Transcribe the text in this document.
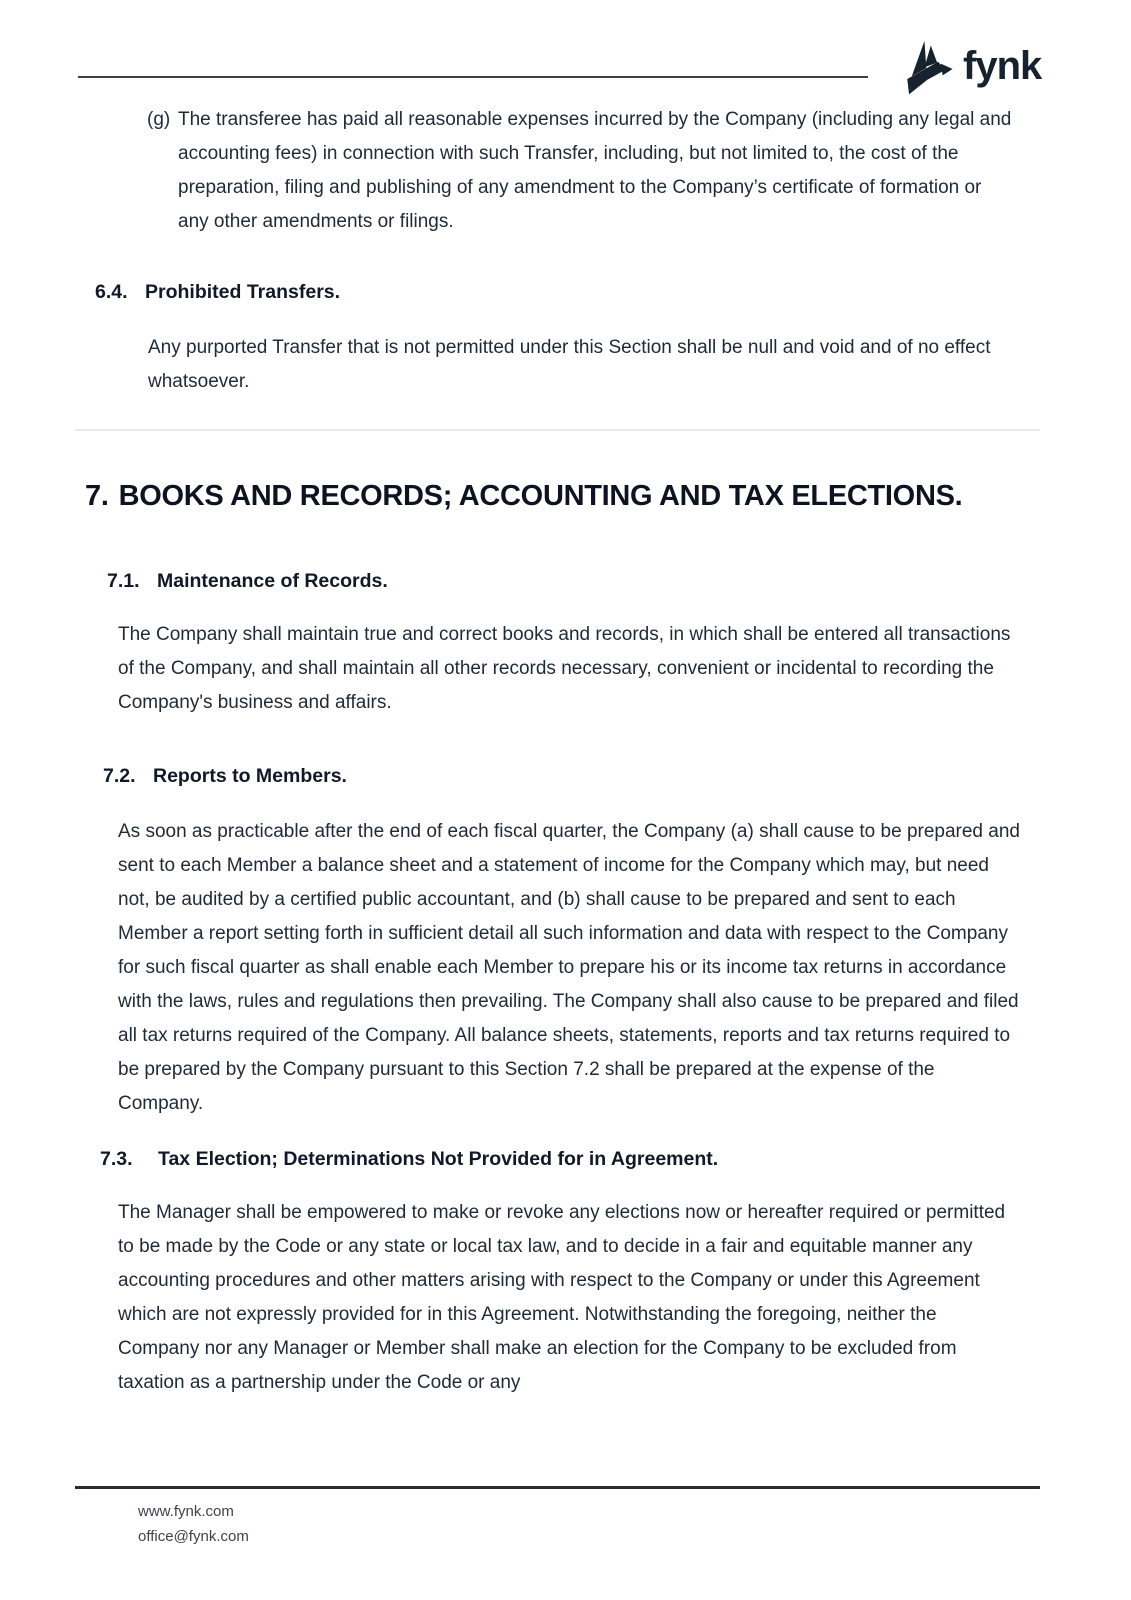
fynk
(g) The transferee has paid all reasonable expenses incurred by the Company (including any legal and accounting fees) in connection with such Transfer, including, but not limited to, the cost of the preparation, filing and publishing of any amendment to the Company’s certificate of formation or any other amendments or filings.

6.4. Prohibited Transfers.

Any purported Transfer that is not permitted under this Section shall be null and void and of no effect whatsoever.

7. BOOKS AND RECORDS; ACCOUNTING AND TAX ELECTIONS.
7.1. Maintenance of Records.

The Company shall maintain true and correct books and records, in which shall be entered all transactions of the Company, and shall maintain all other records necessary, convenient or incidental to recording the Company's business and affairs.

7.2. Reports to Members.

As soon as practicable after the end of each fiscal quarter, the Company (a) shall cause to be prepared and sent to each Member a balance sheet and a statement of income for the Company which may, but need not, be audited by a certified public accountant, and (b) shall cause to be prepared and sent to each Member a report setting forth in sufficient detail all such information and data with respect to the Company for such fiscal quarter as shall enable each Member to prepare his or its income tax returns in accordance with the laws, rules and regulations then prevailing. The Company shall also cause to be prepared and filed all tax returns required of the Company. All balance sheets, statements, reports and tax returns required to be prepared by the Company pursuant to this Section 7.2 shall be prepared at the expense of the Company.

7.3. Tax Election; Determinations Not Provided for in Agreement.

The Manager shall be empowered to make or revoke any elections now or hereafter required or permitted to be made by the Code or any state or local tax law, and to decide in a fair and equitable manner any accounting procedures and other matters arising with respect to the Company or under this Agreement which are not expressly provided for in this Agreement. Notwithstanding the foregoing, neither the Company nor any Manager or Member shall make an election for the Company to be excluded from taxation as a partnership under the Code or any

www.fynk.com
office@fynk.com
